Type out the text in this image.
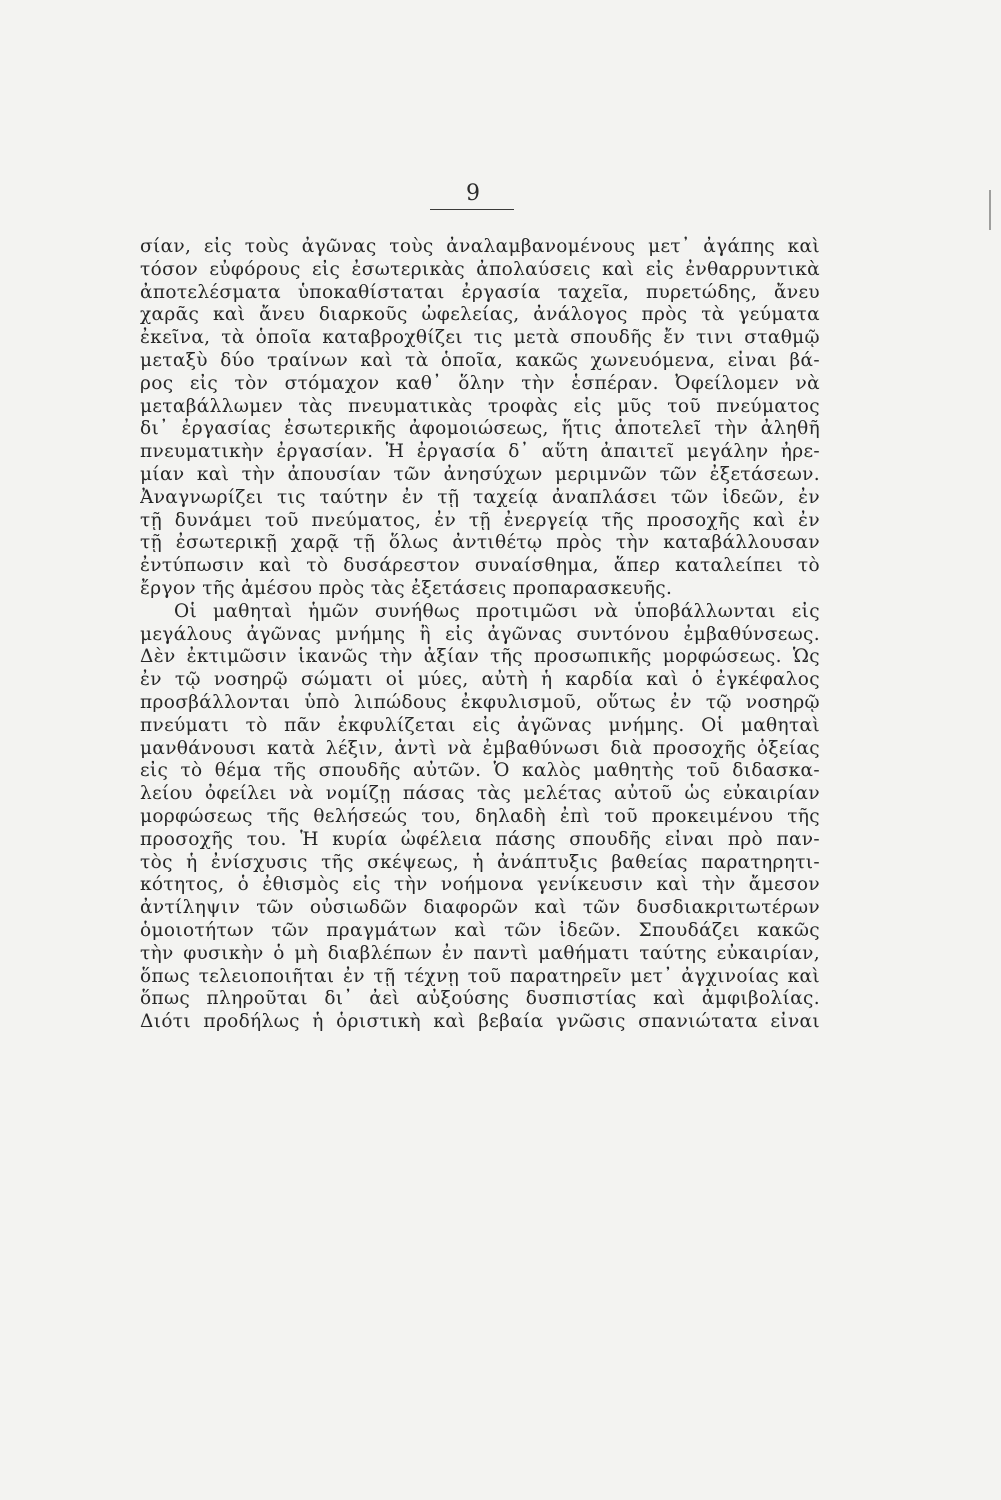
9
σίαν, εἰς τοὺς ἀγῶνας τοὺς ἀναλαμβανομένους μετ᾽ ἀγάπης καὶ
τόσον εὐφόρους εἰς ἐσωτερικὰς ἀπολαύσεις καὶ εἰς ἐνθαρρυντικὰ
ἀποτελέσματα ὑποκαθίσταται ἐργασία ταχεῖα, πυρετώδης, ἄνευ
χαρᾶς καὶ ἄνευ διαρκοῦς ὠφελείας, ἀνάλογος πρὸς τὰ γεύματα
ἐκεῖνα, τὰ ὁποῖα καταβροχθίζει τις μετὰ σπουδῆς ἔν τινι σταθμῷ
μεταξὺ δύο τραίνων καὶ τὰ ὁποῖα, κακῶς χωνευόμενα, εἶναι βά-
ρος εἰς τὸν στόμαχον καθ᾽ ὅλην τὴν ἑσπέραν. Ὀφείλομεν νὰ
μεταβάλλωμεν τὰς πνευματικὰς τροφὰς εἰς μῦς τοῦ πνεύματος
δι᾽ ἐργασίας ἐσωτερικῆς ἀφομοιώσεως, ἥτις ἀποτελεῖ τὴν ἀληθῆ
πνευματικὴν ἐργασίαν. Ἡ ἐργασία δ᾽ αὕτη ἀπαιτεῖ μεγάλην ἠρε-
μίαν καὶ τὴν ἀπουσίαν τῶν ἀνησύχων μεριμνῶν τῶν ἐξετάσεων.
Ἀναγνωρίζει τις ταύτην ἐν τῇ ταχείᾳ ἀναπλάσει τῶν ἰδεῶν, ἐν
τῇ δυνάμει τοῦ πνεύματος, ἐν τῇ ἐνεργείᾳ τῆς προσοχῆς καὶ ἐν
τῇ ἐσωτερικῇ χαρᾷ τῇ ὅλως ἀντιθέτῳ πρὸς τὴν καταβάλλουσαν
ἐντύπωσιν καὶ τὸ δυσάρεστον συναίσθημα, ἅπερ καταλείπει τὸ
ἔργον τῆς ἀμέσου πρὸς τὰς ἐξετάσεις προπαρασκευῆς.
Οἱ μαθηταὶ ἡμῶν συνήθως προτιμῶσι νὰ ὑποβάλλωνται εἰς
μεγάλους ἀγῶνας μνήμης ἢ εἰς ἀγῶνας συντόνου ἐμβαθύνσεως.
Δὲν ἐκτιμῶσιν ἱκανῶς τὴν ἀξίαν τῆς προσωπικῆς μορφώσεως. Ὡς
ἐν τῷ νοσηρῷ σώματι οἱ μύες, αὐτὴ ἡ καρδία καὶ ὁ ἐγκέφαλος
προσβάλλονται ὑπὸ λιπώδους ἐκφυλισμοῦ, οὕτως ἐν τῷ νοσηρῷ
πνεύματι τὸ πᾶν ἐκφυλίζεται εἰς ἀγῶνας μνήμης. Οἱ μαθηταὶ
μανθάνουσι κατὰ λέξιν, ἀντὶ νὰ ἐμβαθύνωσι διὰ προσοχῆς ὀξείας
εἰς τὸ θέμα τῆς σπουδῆς αὐτῶν. Ὁ καλὸς μαθητὴς τοῦ διδασκα-
λείου ὀφείλει νὰ νομίζῃ πάσας τὰς μελέτας αὐτοῦ ὡς εὐκαιρίαν
μορφώσεως τῆς θελήσεώς του, δηλαδὴ ἐπὶ τοῦ προκειμένου τῆς
προσοχῆς του. Ἡ κυρία ὠφέλεια πάσης σπουδῆς εἶναι πρὸ παν-
τὸς ἡ ἐνίσχυσις τῆς σκέψεως, ἡ ἀνάπτυξις βαθείας παρατηρητι-
κότητος, ὁ ἐθισμὸς εἰς τὴν νοήμονα γενίκευσιν καὶ τὴν ἄμεσον
ἀντίληψιν τῶν οὐσιωδῶν διαφορῶν καὶ τῶν δυσδιακριτωτέρων
ὁμοιοτήτων τῶν πραγμάτων καὶ τῶν ἰδεῶν. Σπουδάζει κακῶς
τὴν φυσικὴν ὁ μὴ διαβλέπων ἐν παντὶ μαθήματι ταύτης εὐκαιρίαν,
ὅπως τελειοποιῆται ἐν τῇ τέχνῃ τοῦ παρατηρεῖν μετ᾽ ἀγχινοίας καὶ
ὅπως πληροῦται δι᾽ ἀεὶ αὐξούσης δυσπιστίας καὶ ἀμφιβολίας.
Διότι προδήλως ἡ ὁριστικὴ καὶ βεβαία γνῶσις σπανιώτατα εἶναι
